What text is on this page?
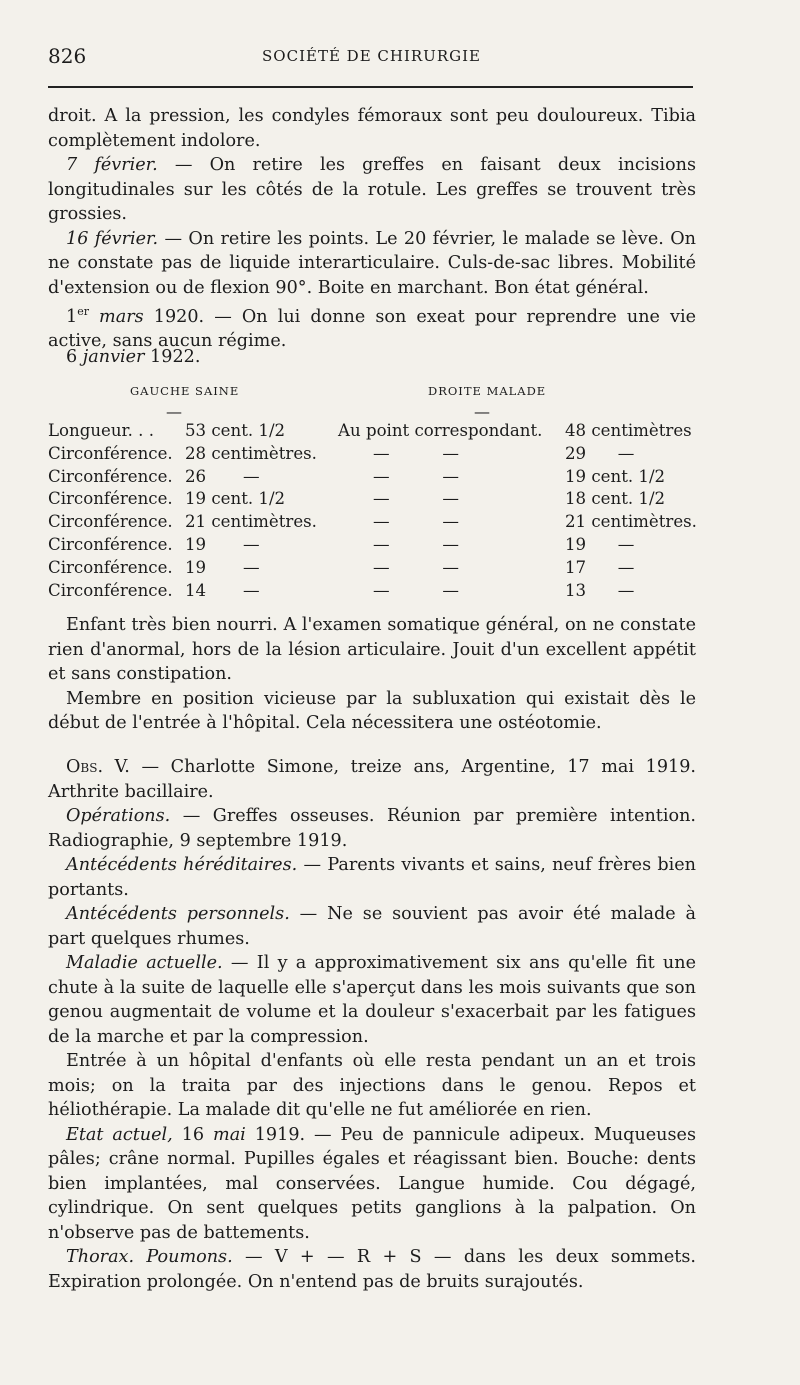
826	SOCIÉTÉ DE CHIRURGIE

droit. A la pression, les condyles fémoraux sont peu douloureux. Tibia complètement indolore.

7 février. — On retire les greffes en faisant deux incisions longitudinales sur les côtés de la rotule. Les greffes se trouvent très grossies.

16 février. — On retire les points. Le 20 février, le malade se lève. On ne constate pas de liquide interarticulaire. Culs-de-sac libres. Mobilité d'extension ou de flexion 90°. Boite en marchant. Bon état général.

1er mars 1920. — On lui donne son exeat pour reprendre une vie active, sans aucun régime.

6 janvier 1922.
GAUCHE SAINE	DROITE MALADE
—	—
Longueur. . . 53 cent. 1/2	Au point correspondant. 48 centimètres
Circonférence. 28 centimètres.	—          —	29      —
Circonférence. 26       —	—          —	19 cent. 1/2
Circonférence. 19 cent. 1/2	—          —	18 cent. 1/2
Circonférence. 21 centimètres.	—          —	21 centimètres.
Circonférence. 19       —	—          —	19      —
Circonférence. 19       —	—          —	17      —
Circonférence. 14       —	—          —	13      —

Enfant très bien nourri. A l'examen somatique général, on ne constate rien d'anormal, hors de la lésion articulaire. Jouit d'un excellent appétit et sans constipation.

Membre en position vicieuse par la subluxation qui existait dès le début de l'entrée à l'hôpital. Cela nécessitera une ostéotomie.

Obs. V. — Charlotte Simone, treize ans, Argentine, 17 mai 1919. Arthrite bacillaire.

Opérations. — Greffes osseuses. Réunion par première intention. Radiographie, 9 septembre 1919.

Antécédents héréditaires. — Parents vivants et sains, neuf frères bien portants.

Antécédents personnels. — Ne se souvient pas avoir été malade à part quelques rhumes.

Maladie actuelle. — Il y a approximativement six ans qu'elle fit une chute à la suite de laquelle elle s'aperçut dans les mois suivants que son genou augmentait de volume et la douleur s'exacerbait par les fatigues de la marche et par la compression.

Entrée à un hôpital d'enfants où elle resta pendant un an et trois mois; on la traita par des injections dans le genou. Repos et héliothérapie. La malade dit qu'elle ne fut améliorée en rien.

Etat actuel, 16 mai 1919. — Peu de pannicule adipeux. Muqueuses pâles; crâne normal. Pupilles égales et réagissant bien. Bouche: dents bien implantées, mal conservées. Langue humide. Cou dégagé, cylindrique. On sent quelques petits ganglions à la palpation. On n'observe pas de battements.

Thorax. Poumons. — V + — R + S — dans les deux sommets. Expiration prolongée. On n'entend pas de bruits surajoutés.
